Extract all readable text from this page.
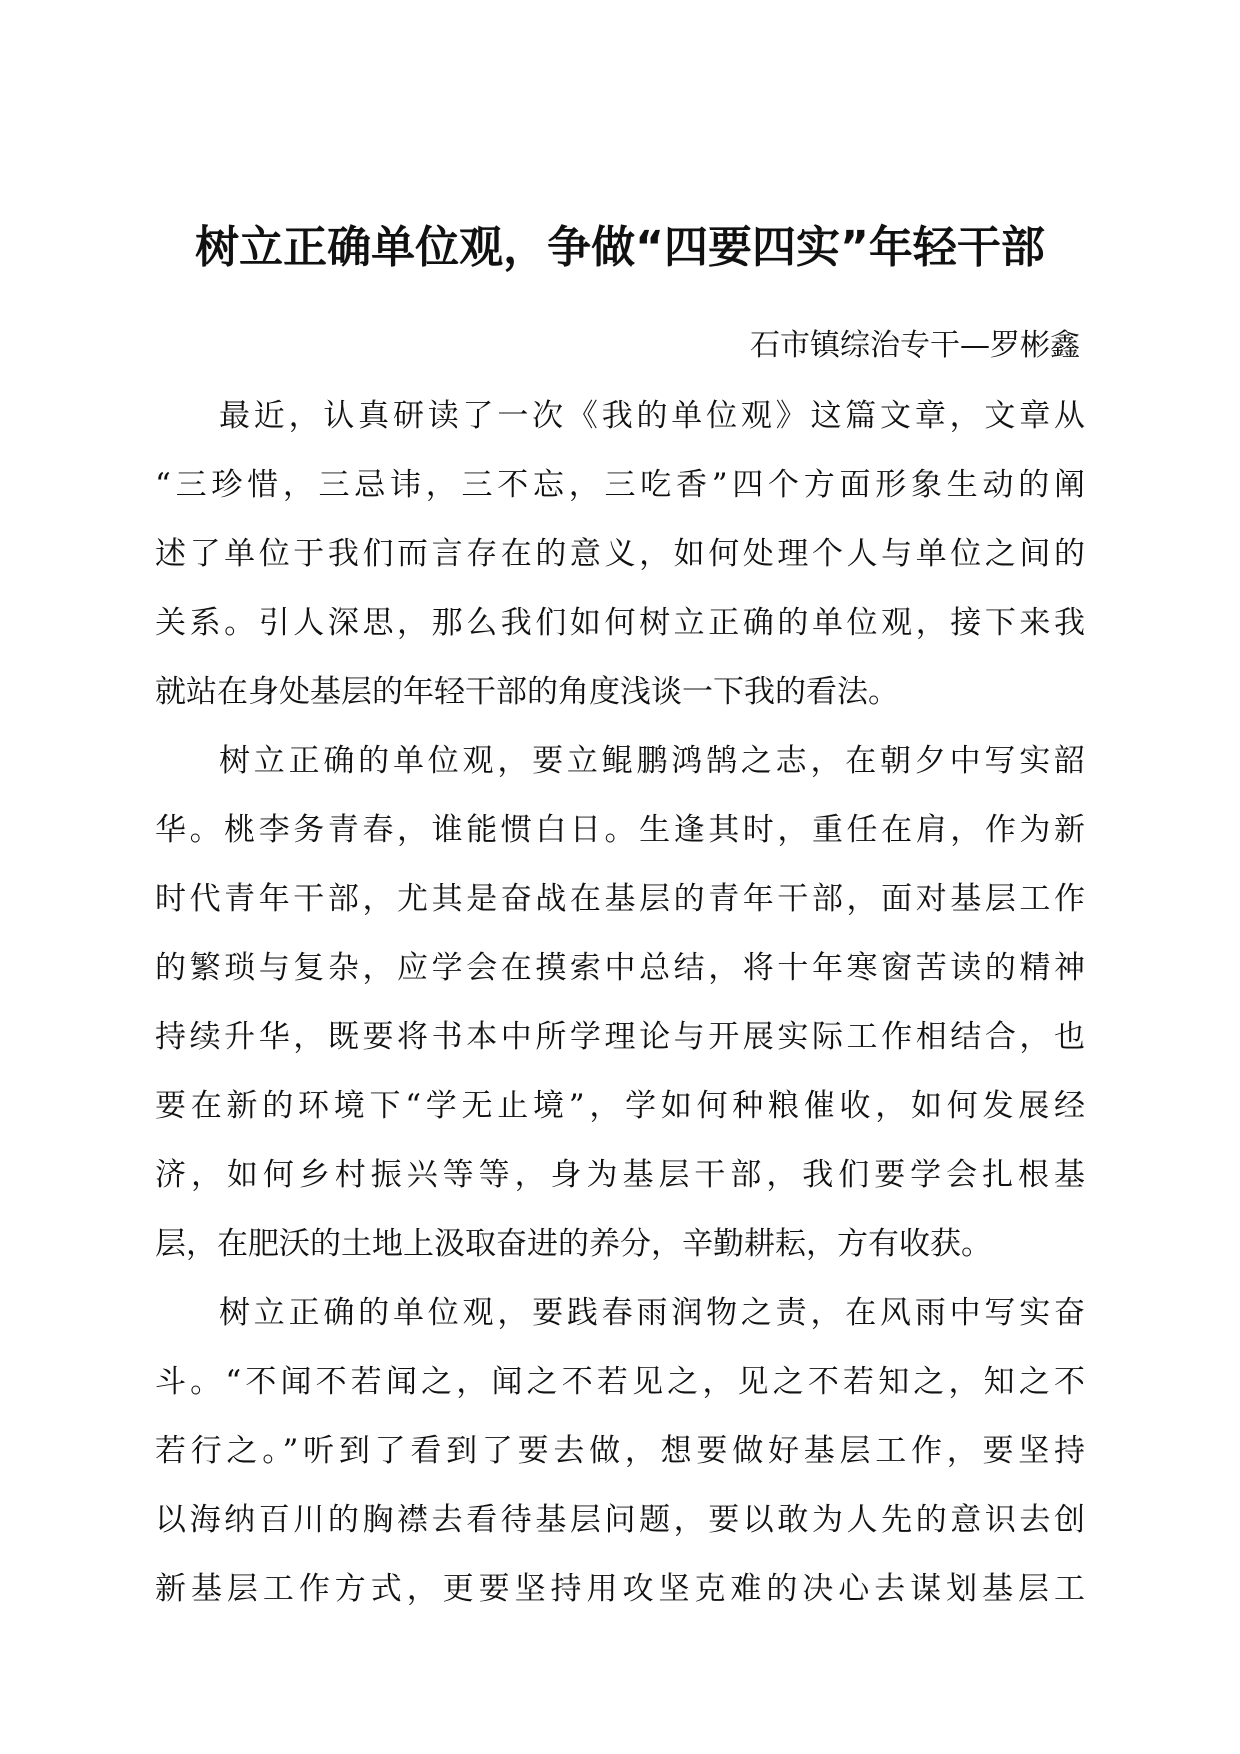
树立正确单位观，争做“四要四实”年轻干部
石市镇综治专干—罗彬鑫
最近，认真研读了一次《我的单位观》这篇文章，文章从
“三珍惜，三忌讳，三不忘，三吃香”四个方面形象生动的阐
述了单位于我们而言存在的意义，如何处理个人与单位之间的
关系。引人深思，那么我们如何树立正确的单位观，接下来我
就站在身处基层的年轻干部的角度浅谈一下我的看法。
树立正确的单位观，要立鲲鹏鸿鹄之志，在朝夕中写实韶
华。桃李务青春，谁能惯白日。生逢其时，重任在肩，作为新
时代青年干部，尤其是奋战在基层的青年干部，面对基层工作
的繁琐与复杂，应学会在摸索中总结，将十年寒窗苦读的精神
持续升华，既要将书本中所学理论与开展实际工作相结合，也
要在新的环境下“学无止境”，学如何种粮催收，如何发展经
济，如何乡村振兴等等，身为基层干部，我们要学会扎根基
层，在肥沃的土地上汲取奋进的养分，辛勤耕耘，方有收获。
树立正确的单位观，要践春雨润物之责，在风雨中写实奋
斗。“不闻不若闻之，闻之不若见之，见之不若知之，知之不
若行之。”听到了看到了要去做，想要做好基层工作，要坚持
以海纳百川的胸襟去看待基层问题，要以敢为人先的意识去创
新基层工作方式，更要坚持用攻坚克难的决心去谋划基层工
